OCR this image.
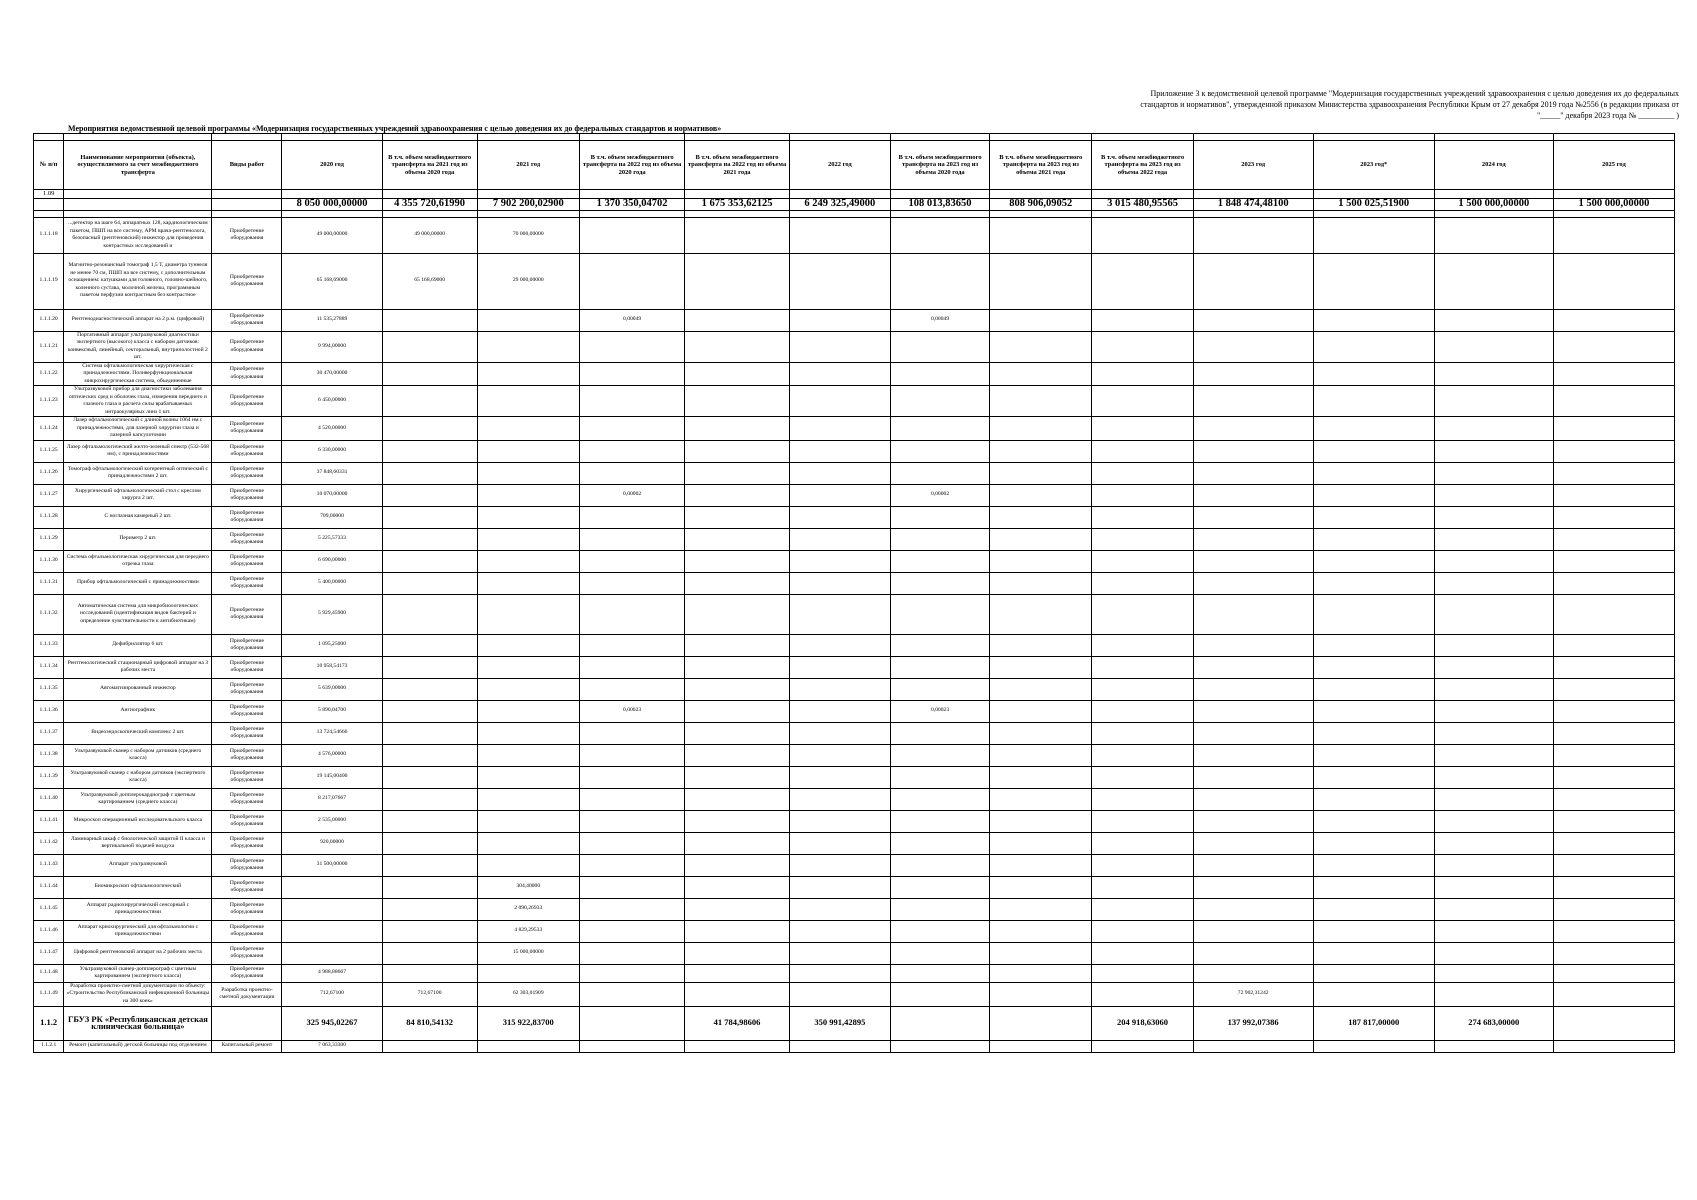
Приложение 3 к ведомственной целевой программе "Модернизация государственных учреждений здравоохранения с целью доведения их до федеральных стандартов и нормативов", утвержденной приказом Министерства здравоохранения Республики Крым от 27 декабря 2019 года №2556 (в редакции приказа от "_____" декабря 2023 года № _________ )
Мероприятия ведомственной целевой программы «Модернизация государственных учреждений здравоохранения с целью доведения их до федеральных стандартов и нормативов»

№ п/п	Наименование мероприятия (объекта), осуществляемого за счет межбюджетного трансферта	Виды работ	2020 год	В т.ч. объем межбюджетного трансферта на 2021 год из объема 2020 года	2021 год	В т.ч. объем межбюджетного трансферта на 2022 год из объема 2020 года	В т.ч. объем межбюджетного трансферта на 2022 год из объема 2021 года	2022 год	В т.ч. объем межбюджетного трансферта на 2023 год из объема 2020 года	В т.ч. объем межбюджетного трансферта на 2023 год из объема 2021 года	В т.ч. объем межбюджетного трансферта на 2023 год из объема 2022 года	2023 год	2023 год*	2024 год	2025 год
1.09															
			8 050 000,00000	4 355 720,61990	7 902 200,02900	1 370 350,04702	1 675 353,62125	6 249 325,49000	108 013,83650	808 906,09052	3 015 480,95565	1 848 474,48100	1 500 025,51900	1 500 000,00000	1 500 000,00000

1.1.1.18	...детектор на шаге 64, аппаратных 128, кардиологическим пакетом, ПШП на все систему, АРМ врача-рентгенолога, безопасный (рентгеновский) инжектор для проведения контрастных исследований и	Приобретение оборудования	49 000,00000	49 000,00000	70 000,00000										
1.1.1.19	Магнитно-резонансный томограф 1,5 Т, диаметра туннеля не менее 70 см, ПШП на все систему, с дополнительным оснащением: катушками для головного, головно-шейного, коленного сустава, молочной железы, программным пакетом перфузии контрастным без контрастное	Приобретение оборудования	65 168,69000	65 168,69000	29 000,00000										
1.1.1.20	Рентгенодиагностический аппарат на 2 р.м. (цифровой)	Приобретение оборудования	11 535,27889			0,00049			0,00049						
1.1.1.21	Портативный аппарат ультразвуковой диагностики экспертного (высокого) класса с набором датчиков: конвексный, линейный, секторальный, внутриполостной 2 шт.	Приобретение оборудования	9 994,00000												
1.1.1.22	Система офтальмологическая хирургическая с принадлежностями. Поливерфункциональная микрохирургическая система, объединенные	Приобретение оборудования	30 470,00000												
1.1.1.23	Ультразвуковой прибор для диагностики заболевания оптических сред и оболочек глаза, измерения переднего и глазного глаза и расчета силы врабатываемых интраокулярных линз 1 шт.	Приобретение оборудования	6 450,00000												
1.1.1.24	Лазер офтальмологический с длиной волны 1064 нм с принадлежностями, для лазерной хирургии глаза и лазерной капсулотомии	Приобретение оборудования	4 520,00000												
1.1.1.25	Лазер офтальмологический желто-зеленый спектр (532-568 нм), с принадлежностями	Приобретение оборудования	6 330,00000												
1.1.1.26	Томограф офтальмологический когерентный оптический с принадлежностями 2 шт.	Приобретение оборудования	37 848,60331												
1.1.1.27	Хирургический офтальмологический стол с креслом хирурга 2 шт.	Приобретение оборудования	10 070,00000			0,00002			0,00002						
1.1.1.28	С ноглазная камерный 2 шт.	Приобретение оборудования	709,00000												
1.1.1.29	Периметр 2 шт.	Приобретение оборудования	5 225,57333												
1.1.1.30	Система офтальмологическая хирургическая для переднего отрезка глаза	Приобретение оборудования	6 690,00000												
1.1.1.31	Прибор офтальмологический с принадлежностями	Приобретение оборудования	5 400,00000												
1.1.1.32	Автоматическая система для микробиологических исследований (идентификация видов бактерий и определение чувствительности к антибиотикам)	Приобретение оборудования	5 929,45900												
1.1.1.33	Дефибриллятор 6 шт.	Приобретение оборудования	1 095,25000												
1.1.1.34	Рентгенологический стационарный цифровой аппарат на 3 рабочих места	Приобретение оборудования	10 958,54173												
1.1.1.35	Автоматизированный инжектор	Приобретение оборудования	5 639,00000												
1.1.1.36	Ангиографчик	Приобретение оборудования	5 890,04700			0,00023			0,00023						
1.1.1.37	Видеоэндоскопический комплекс 2 шт.	Приобретение оборудования	13 724,54666												
1.1.1.38	Ультразвуковой сканер с набором датчиков (среднего класса)	Приобретение оборудования	4 576,00000												
1.1.1.39	Ультразвуковой сканер с набором датчиков (экспертного класса)	Приобретение оборудования	19 145,00400												
1.1.1.40	Ультразвуковой допплерокардиограф с цветным картированием (среднего класса)	Приобретение оборудования	8 217,07667												
1.1.1.41	Микроскоп операционный исследовательского класса	Приобретение оборудования	2 535,00000												
1.1.1.42	Ламинарный шкаф с биологической защитой II класса и вертикальной подачей воздуха	Приобретение оборудования	920,00000												
1.1.1.43	Аппарат ультразвуковой	Приобретение оборудования	31 500,00000												
1.1.1.44	Биомикроскоп офтальмологический	Приобретение оборудования			304,40000										
1.1.1.45	Аппарат радиохирургический сенсорный с принадлежностями	Приобретение оборудования			2 090,26933										
1.1.1.46	Аппарат криохирургический для офтальмологии с принадлежностями	Приобретение оборудования			4 829,29533										
1.1.1.47	Цифровой рентгеновский аппарат на 2 рабочих места	Приобретение оборудования			15 000,00000										
1.1.1.48	Ультразвуковой сканер-допплерограф с цветным картированием (экспертного класса)	Приобретение оборудования	4 988,88667												
1.1.1.49	Разработка проектно-сметной документации по объекту: «Строительство Республиканской инфекционной больницы на 300 коек»	Разработка проектно-сметной документации	712,67100	712,67100	62 303,01909							72 902,31242			
1.1.2	ГБУЗ РК «Республиканская детская клиническая больница»		325 945,02267	84 810,54132	315 922,83700		41 784,98606	350 991,42895			204 918,63060	137 992,07386	187 817,00000	274 683,00000	
1.1.2.1	Ремонт (капитальный) детской больницы под отделением	Капитальный ремонт	7 063,33300												
